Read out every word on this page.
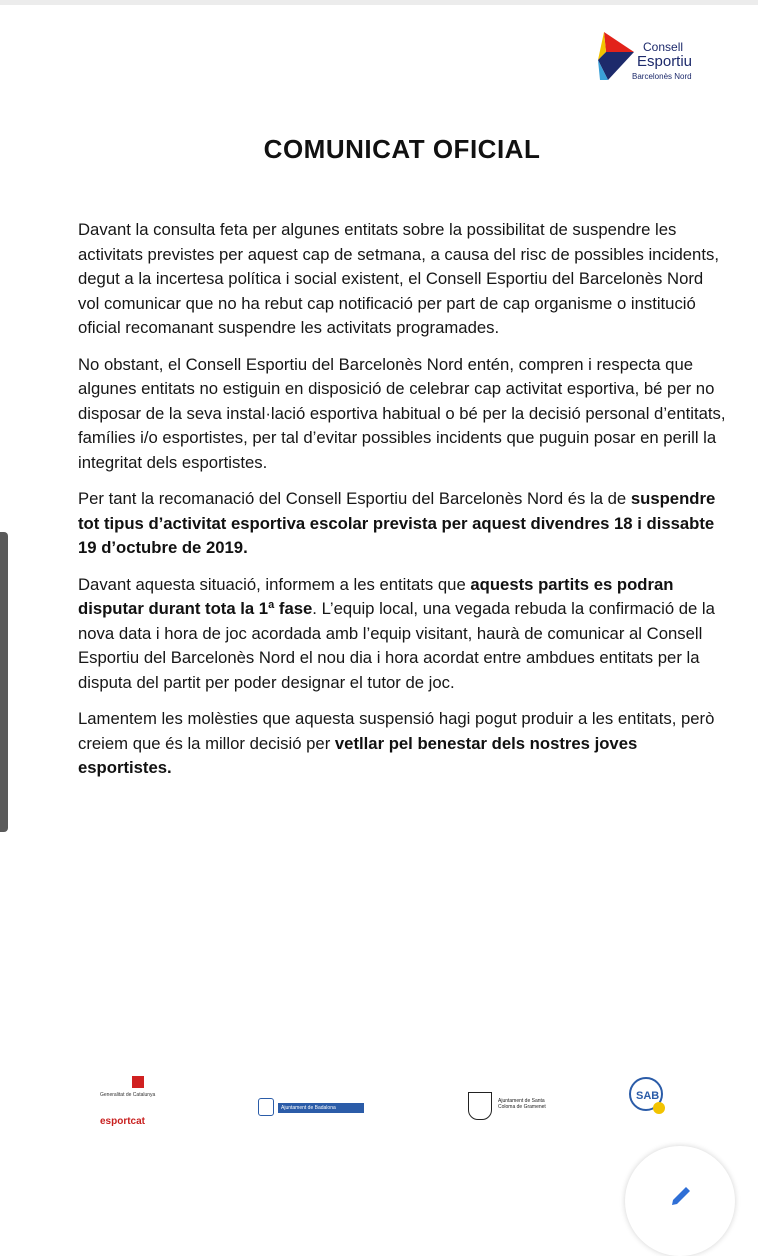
Consell
Esportiu
Barcelonès Nord
COMUNICAT OFICIAL

Davant la consulta feta per algunes entitats sobre la possibilitat de suspendre les activitats previstes per aquest cap de setmana, a causa del risc de possibles incidents, degut a la incertesa política i social existent, el Consell Esportiu del Barcelonès Nord vol comunicar que no ha rebut cap notificació per part de cap organisme o institució oficial recomanant suspendre les activitats programades.

No obstant, el Consell Esportiu del Barcelonès Nord entén, compren i respecta que algunes entitats no estiguin en disposició de celebrar cap activitat esportiva, bé per no disposar de la seva instal·lació esportiva habitual o bé per la decisió personal d’entitats, famílies i/o esportistes, per tal d’evitar possibles incidents que puguin posar en perill la integritat dels esportistes.

Per tant la recomanació del Consell Esportiu del Barcelonès Nord és la de suspendre tot tipus d’activitat esportiva escolar prevista per aquest divendres 18 i dissabte 19 d’octubre de 2019.

Davant aquesta situació, informem a les entitats que aquests partits es podran disputar durant tota la 1ª fase. L’equip local, una vegada rebuda la confirmació de la nova data i hora de joc acordada amb l’equip visitant, haurà de comunicar al Consell Esportiu del Barcelonès Nord el nou dia i hora acordat entre ambdues entitats per la disputa del partit per poder designar el tutor de joc.

Lamentem les molèsties que aquesta suspensió hagi pogut produir a les entitats, però creiem que és la millor decisió per vetllar pel benestar dels nostres joves esportistes.

Generalitat de Catalunya
esportcat
Ajuntament de Badalona
Ajuntament de Santa Coloma de Gramenet
SAB
